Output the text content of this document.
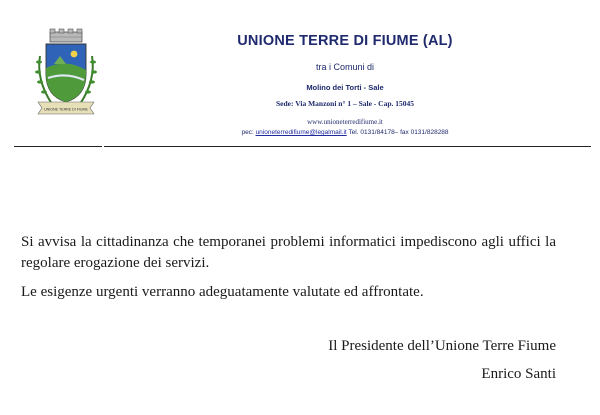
UNIONE TERRE DI FIUME
UNIONE TERRE DI FIUME (AL)
tra i Comuni di
Molino dei Torti - Sale
Sede: Via Manzoni n° 1 – Sale - Cap. 15045
www.unioneterredifiume.it
pec: unioneterredifiume@legalmail.it Tel. 0131/84178– fax 0131/828288
Si avvisa la cittadinanza che temporanei problemi informatici impediscono agli uffici la regolare erogazione dei servizi.
Le esigenze urgenti verranno adeguatamente valutate ed affrontate.
Il Presidente dell’Unione Terre Fiume
Enrico Santi
